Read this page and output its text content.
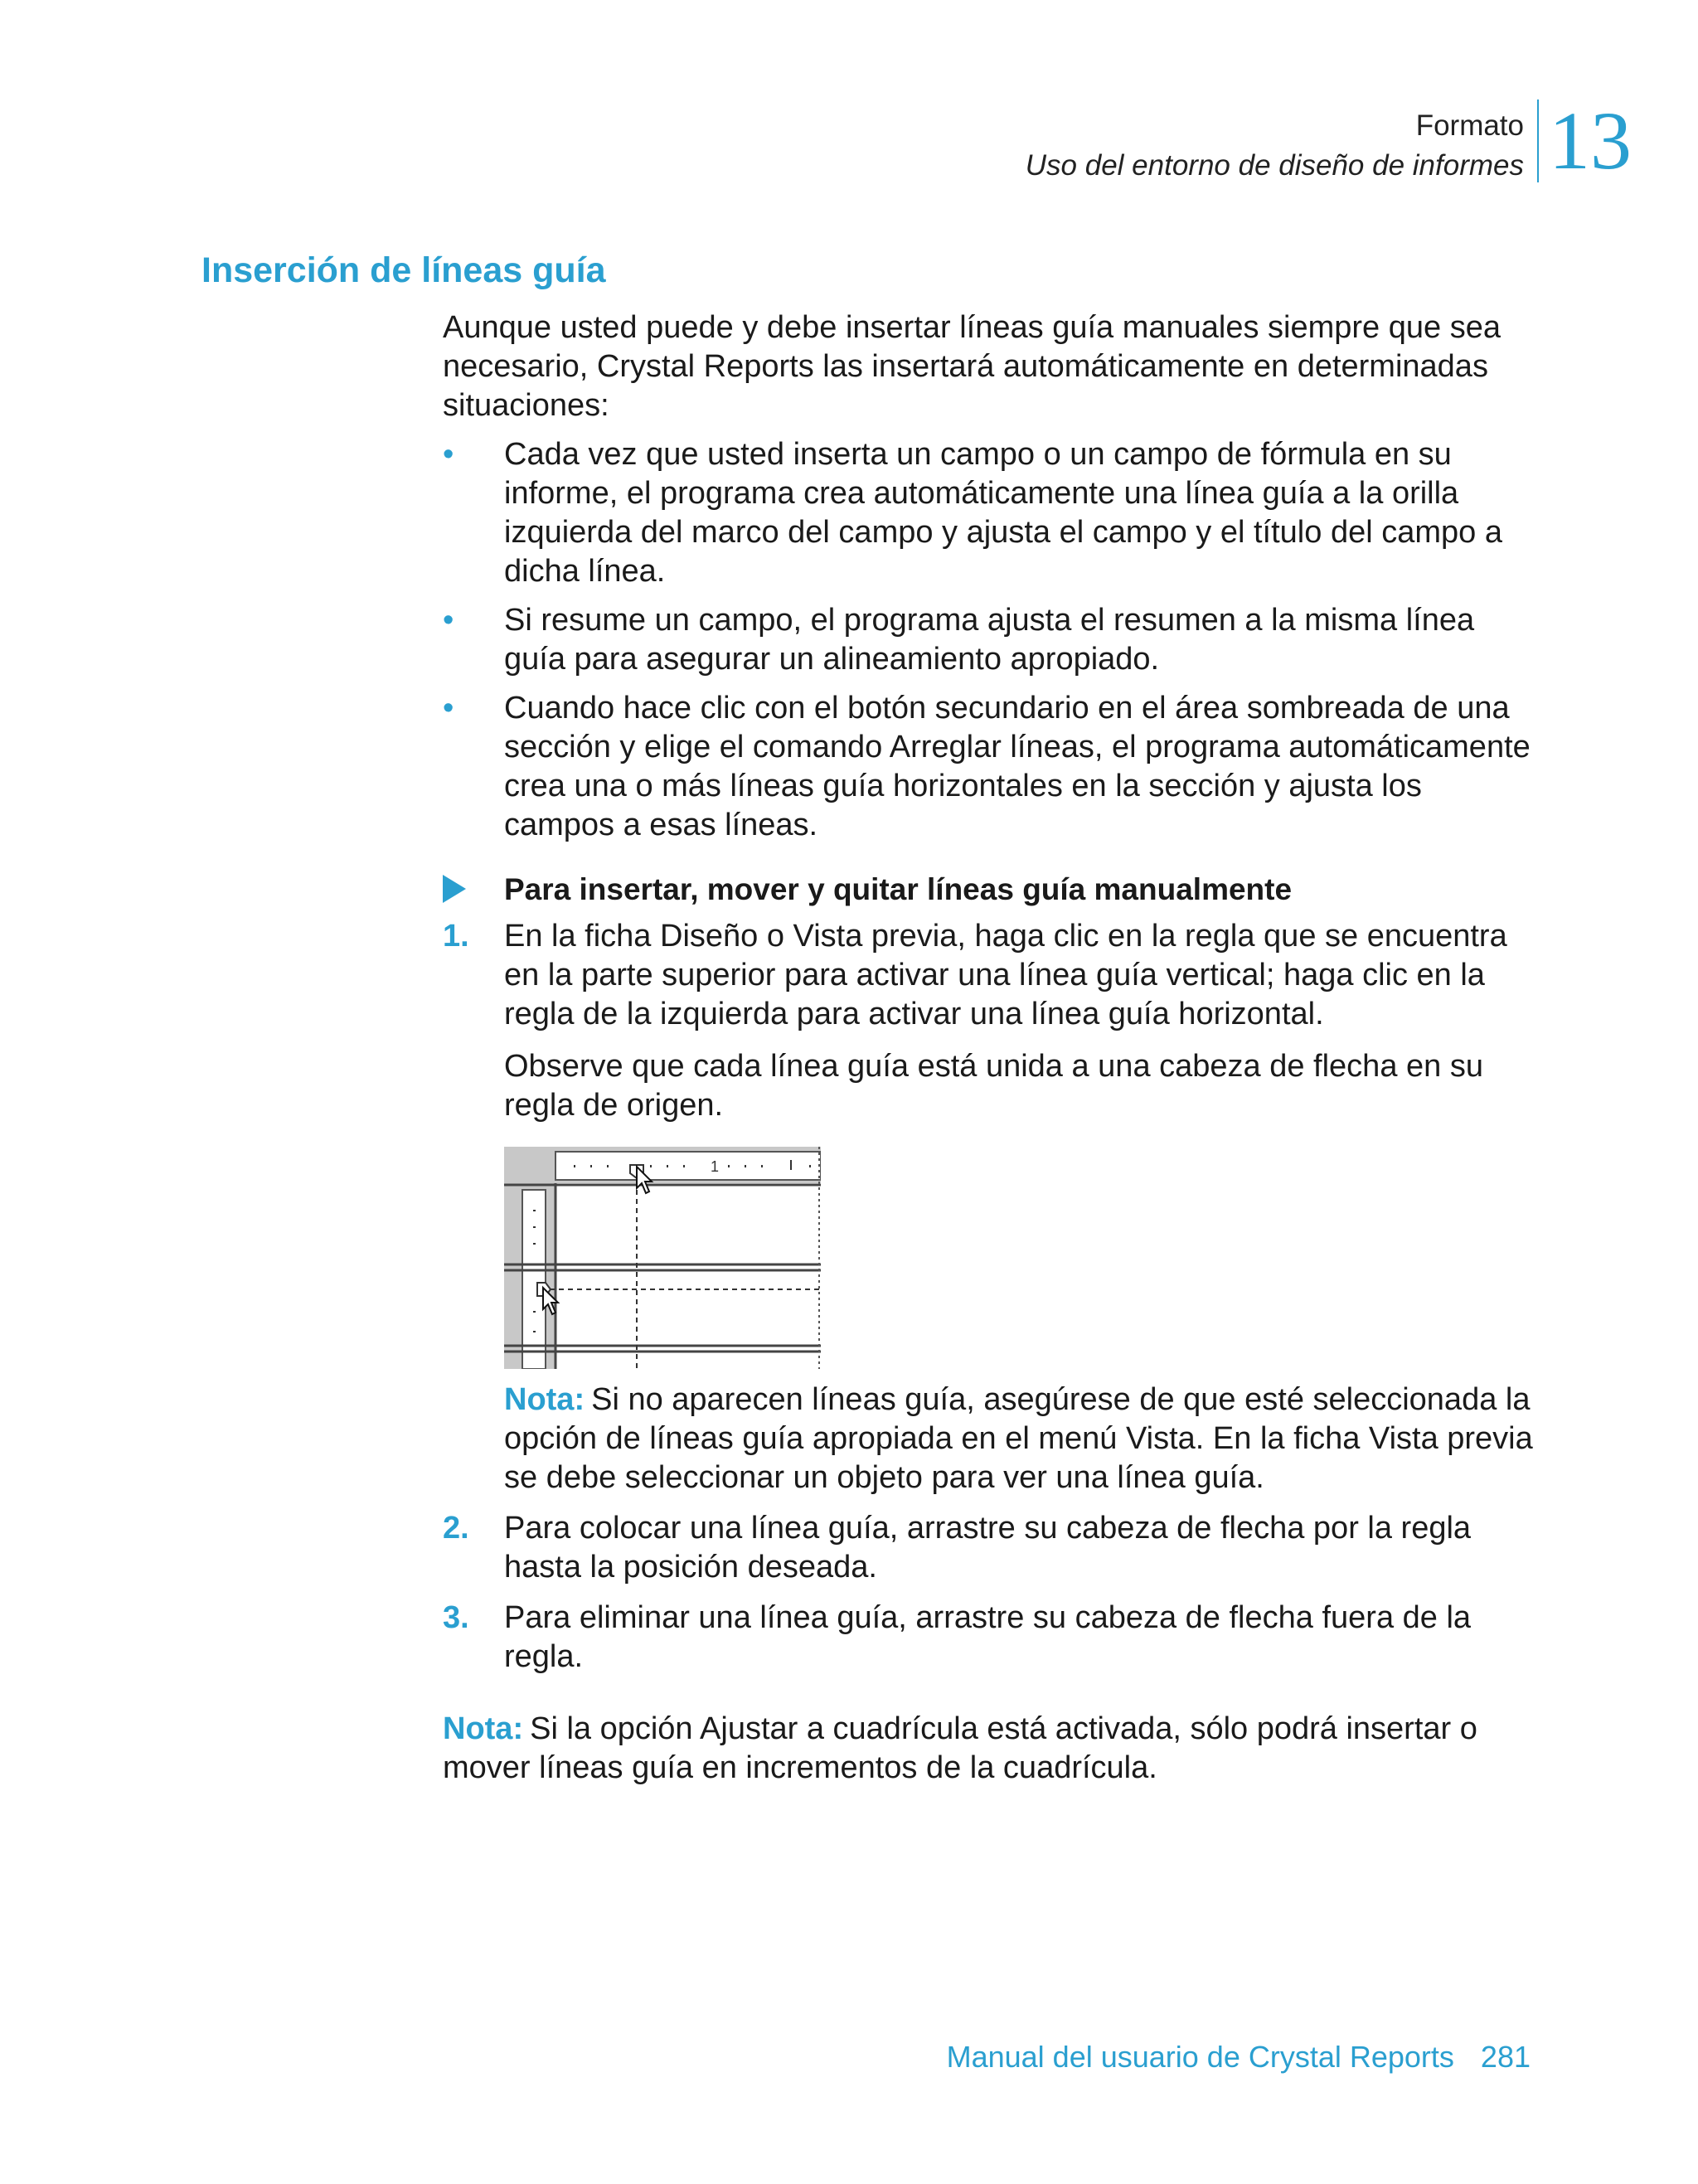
Formato
Uso del entorno de diseño de informes 13
Inserción de líneas guía

Aunque usted puede y debe insertar líneas guía manuales siempre que sea necesario, Crystal Reports las insertará automáticamente en determinadas situaciones:

• Cada vez que usted inserta un campo o un campo de fórmula en su informe, el programa crea automáticamente una línea guía a la orilla izquierda del marco del campo y ajusta el campo y el título del campo a dicha línea.
• Si resume un campo, el programa ajusta el resumen a la misma línea guía para asegurar un alineamiento apropiado.
• Cuando hace clic con el botón secundario en el área sombreada de una sección y elige el comando Arreglar líneas, el programa automáticamente crea una o más líneas guía horizontales en la sección y ajusta los campos a esas líneas.

Para insertar, mover y quitar líneas guía manualmente

1. En la ficha Diseño o Vista previa, haga clic en la regla que se encuentra en la parte superior para activar una línea guía vertical; haga clic en la regla de la izquierda para activar una línea guía horizontal.

Observe que cada línea guía está unida a una cabeza de flecha en su regla de origen.

1

Nota: Si no aparecen líneas guía, asegúrese de que esté seleccionada la opción de líneas guía apropiada en el menú Vista. En la ficha Vista previa se debe seleccionar un objeto para ver una línea guía.

2. Para colocar una línea guía, arrastre su cabeza de flecha por la regla hasta la posición deseada.

3. Para eliminar una línea guía, arrastre su cabeza de flecha fuera de la regla.

Nota: Si la opción Ajustar a cuadrícula está activada, sólo podrá insertar o mover líneas guía en incrementos de la cuadrícula.

Manual del usuario de Crystal Reports 281
